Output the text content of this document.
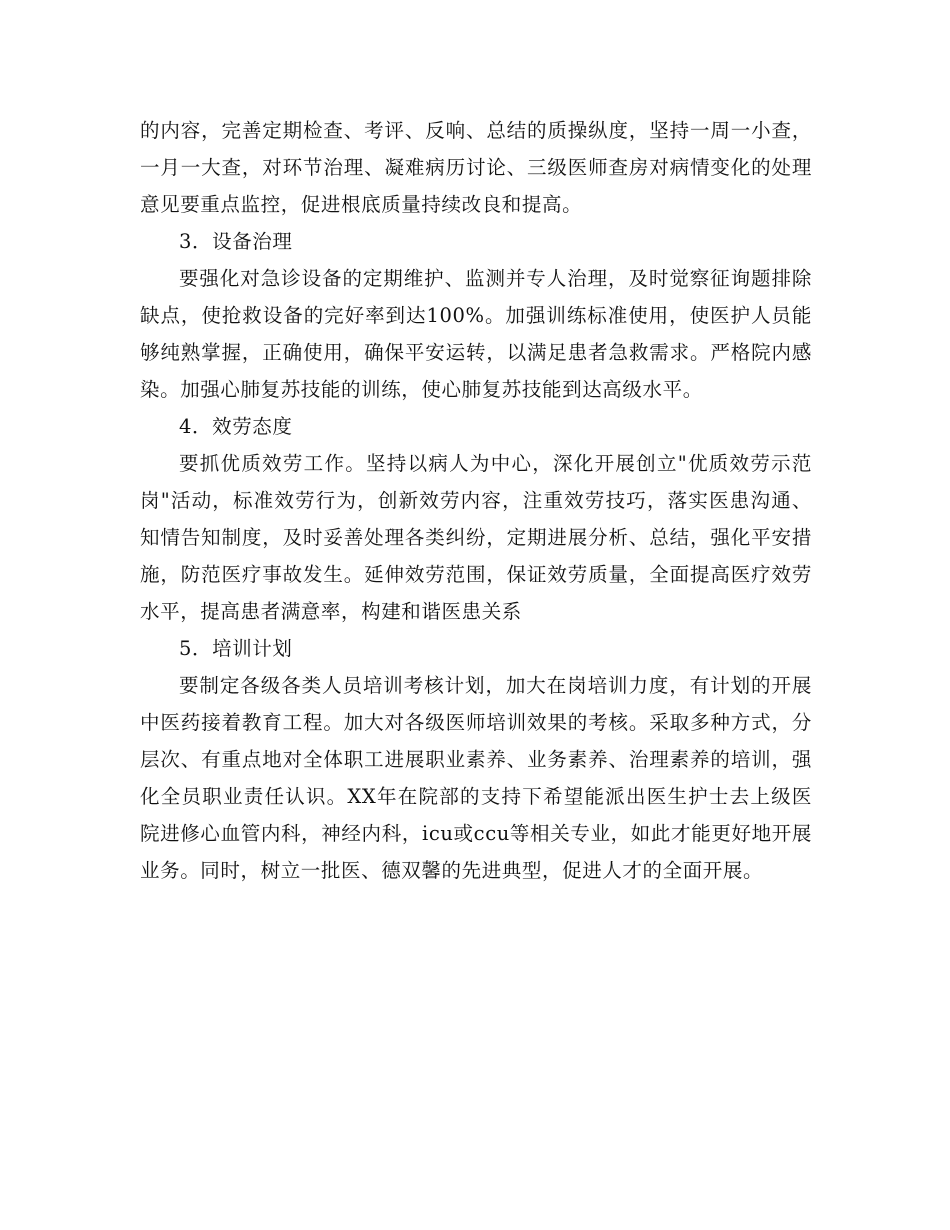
的内容，完善定期检查、考评、反响、总结的质操纵度，坚持一周一小查，一月一大查，对环节治理、凝难病历讨论、三级医师查房对病情变化的处理意见要重点监控，促进根底质量持续改良和提高。

3．设备治理

要强化对急诊设备的定期维护、监测并专人治理，及时觉察征询题排除缺点，使抢救设备的完好率到达100%。加强训练标准使用，使医护人员能够纯熟掌握，正确使用，确保平安运转，以满足患者急救需求。严格院内感染。加强心肺复苏技能的训练，使心肺复苏技能到达高级水平。

4．效劳态度

要抓优质效劳工作。坚持以病人为中心，深化开展创立"优质效劳示范岗"活动，标准效劳行为，创新效劳内容，注重效劳技巧，落实医患沟通、知情告知制度，及时妥善处理各类纠纷，定期进展分析、总结，强化平安措施，防范医疗事故发生。延伸效劳范围，保证效劳质量，全面提高医疗效劳水平，提高患者满意率，构建和谐医患关系

5．培训计划

要制定各级各类人员培训考核计划，加大在岗培训力度，有计划的开展中医药接着教育工程。加大对各级医师培训效果的考核。采取多种方式，分层次、有重点地对全体职工进展职业素养、业务素养、治理素养的培训，强化全员职业责任认识。XX年在院部的支持下希望能派出医生护士去上级医院进修心血管内科，神经内科，icu或ccu等相关专业，如此才能更好地开展业务。同时，树立一批医、德双馨的先进典型，促进人才的全面开展。
